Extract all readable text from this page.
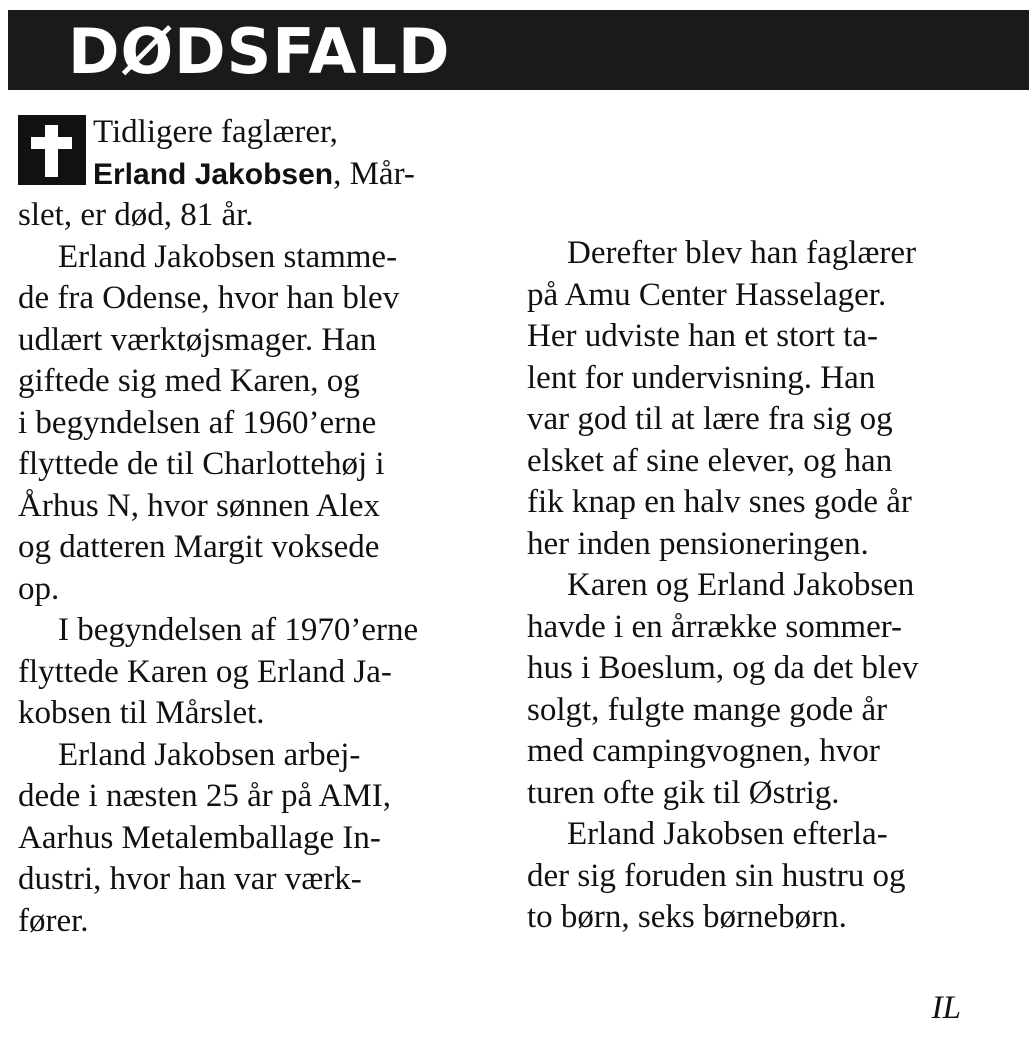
DØDSFALD
Tidligere faglærer,
Erland Jakobsen, Mår-
slet, er død, 81 år.
Erland Jakobsen stamme-
de fra Odense, hvor han blev
udlært værktøjsmager. Han
giftede sig med Karen, og
i begyndelsen af 1960’erne
flyttede de til Charlottehøj i
Århus N, hvor sønnen Alex
og datteren Margit voksede
op.
I begyndelsen af 1970’erne
flyttede Karen og Erland Ja-
kobsen til Mårslet.
Erland Jakobsen arbej-
dede i næsten 25 år på AMI,
Aarhus Metalemballage In-
dustri, hvor han var værk-
fører.
Derefter blev han faglærer
på Amu Center Hasselager.
Her udviste han et stort ta-
lent for undervisning. Han
var god til at lære fra sig og
elsket af sine elever, og han
fik knap en halv snes gode år
her inden pensioneringen.
Karen og Erland Jakobsen
havde i en årrække sommer-
hus i Boeslum, og da det blev
solgt, fulgte mange gode år
med campingvognen, hvor
turen ofte gik til Østrig.
Erland Jakobsen efterla-
der sig foruden sin hustru og
to børn, seks børnebørn.
IL
